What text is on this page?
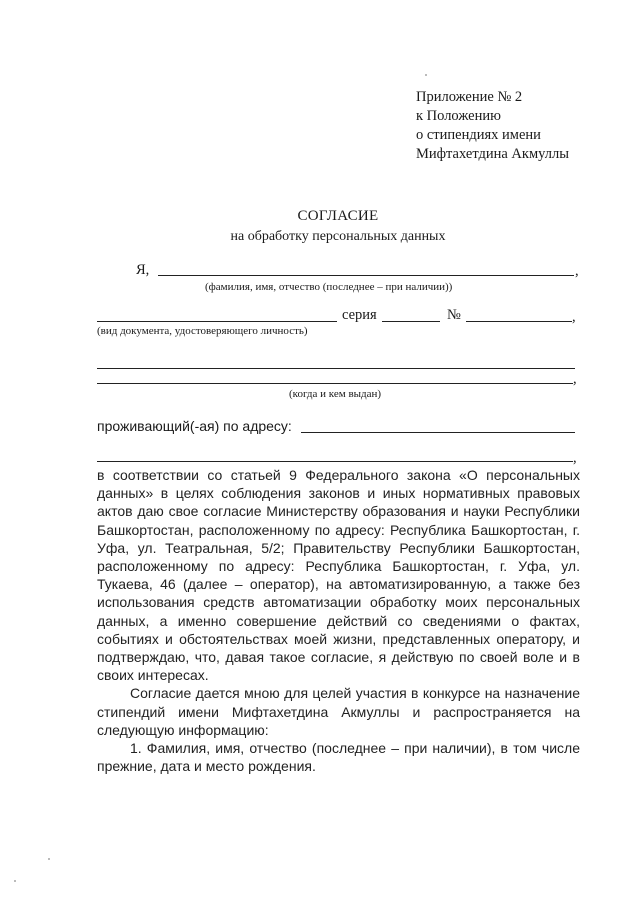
Приложение № 2
к Положению
о стипендиях имени
Мифтахетдина Акмуллы
СОГЛАСИЕ
на обработку персональных данных
Я,	,
(фамилия, имя, отчество (последнее – при наличии))
серия	№	,
(вид документа, удостоверяющего личность)
,
(когда и кем выдан)
проживающий(-ая) по адресу:
,

в соответствии со статьей 9 Федерального закона «О персональных данных» в целях соблюдения законов и иных нормативных правовых актов даю свое согласие Министерству образования и науки Республики Башкортостан, расположенному по адресу: Республика Башкортостан, г. Уфа, ул. Театральная, 5/2; Правительству Республики Башкортостан, расположенному по адресу: Республика Башкортостан, г. Уфа, ул. Тукаева, 46 (далее – оператор), на автоматизированную, а также без использования средств автоматизации обработку моих персональных данных, а именно совершение действий со сведениями о фактах, событиях и обстоятельствах моей жизни, представленных оператору, и подтверждаю, что, давая такое согласие, я действую по своей воле и в своих интересах.

Согласие дается мною для целей участия в конкурсе на назначение стипендий имени Мифтахетдина Акмуллы и распространяется на следующую информацию:

1. Фамилия, имя, отчество (последнее – при наличии), в том числе прежние, дата и место рождения.
